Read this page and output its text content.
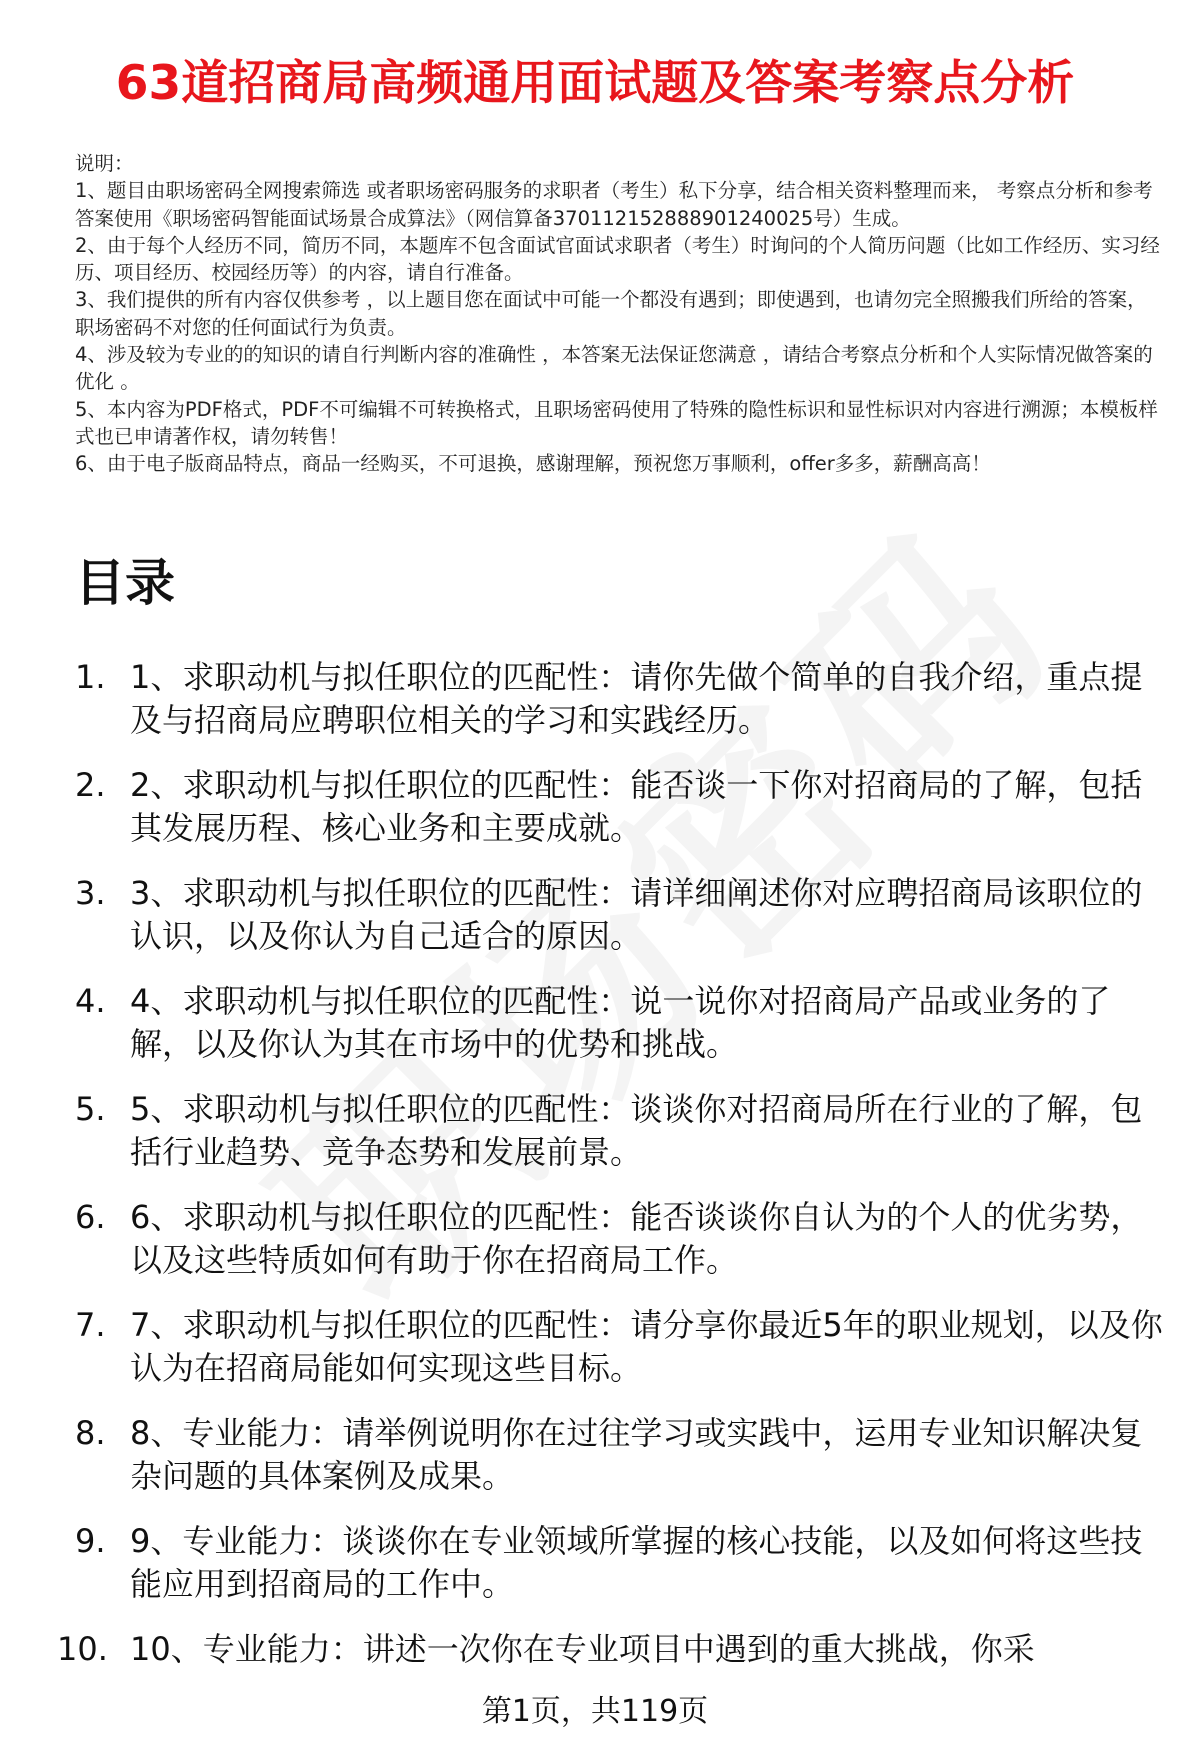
63道招商局高频通用面试题及答案考察点分析

说明：

1、题目由职场密码全网搜索筛选 或者职场密码服务的求职者（考生）私下分享，结合相关资料整理而来， 考察点分析和参考答案使用《职场密码智能面试场景合成算法》（网信算备370112152888901240025号）生成。

2、由于每个人经历不同，简历不同，本题库不包含面试官面试求职者（考生）时询问的个人简历问题（比如工作经历、实习经历、项目经历、校园经历等）的内容，请自行准备。

3、我们提供的所有内容仅供参考 ，以上题目您在面试中可能一个都没有遇到；即使遇到，也请勿完全照搬我们所给的答案，职场密码不对您的任何面试行为负责。

4、涉及较为专业的的知识的请自行判断内容的准确性 ，本答案无法保证您满意 ，请结合考察点分析和个人实际情况做答案的优化 。

5、本内容为PDF格式，PDF不可编辑不可转换格式，且职场密码使用了特殊的隐性标识和显性标识对内容进行溯源；本模板样式也已申请著作权，请勿转售！

6、由于电子版商品特点，商品一经购买，不可退换，感谢理解，预祝您万事顺利，offer多多，薪酬高高！

目录
1. 1、求职动机与拟任职位的匹配性：请你先做个简单的自我介绍，重点提及与招商局应聘职位相关的学习和实践经历。
2. 2、求职动机与拟任职位的匹配性：能否谈一下你对招商局的了解，包括其发展历程、核心业务和主要成就。
3. 3、求职动机与拟任职位的匹配性：请详细阐述你对应聘招商局该职位的认识，以及你认为自己适合的原因。
4. 4、求职动机与拟任职位的匹配性：说一说你对招商局产品或业务的了解，以及你认为其在市场中的优势和挑战。
5. 5、求职动机与拟任职位的匹配性：谈谈你对招商局所在行业的了解，包括行业趋势、竞争态势和发展前景。
6. 6、求职动机与拟任职位的匹配性：能否谈谈你自认为的个人的优劣势，以及这些特质如何有助于你在招商局工作。
7. 7、求职动机与拟任职位的匹配性：请分享你最近5年的职业规划，以及你认为在招商局能如何实现这些目标。
8. 8、专业能力：请举例说明你在过往学习或实践中，运用专业知识解决复杂问题的具体案例及成果。
9. 9、专业能力：谈谈你在专业领域所掌握的核心技能，以及如何将这些技能应用到招商局的工作中。
10. 10、专业能力：讲述一次你在专业项目中遇到的重大挑战，你采
第1页，共119页
